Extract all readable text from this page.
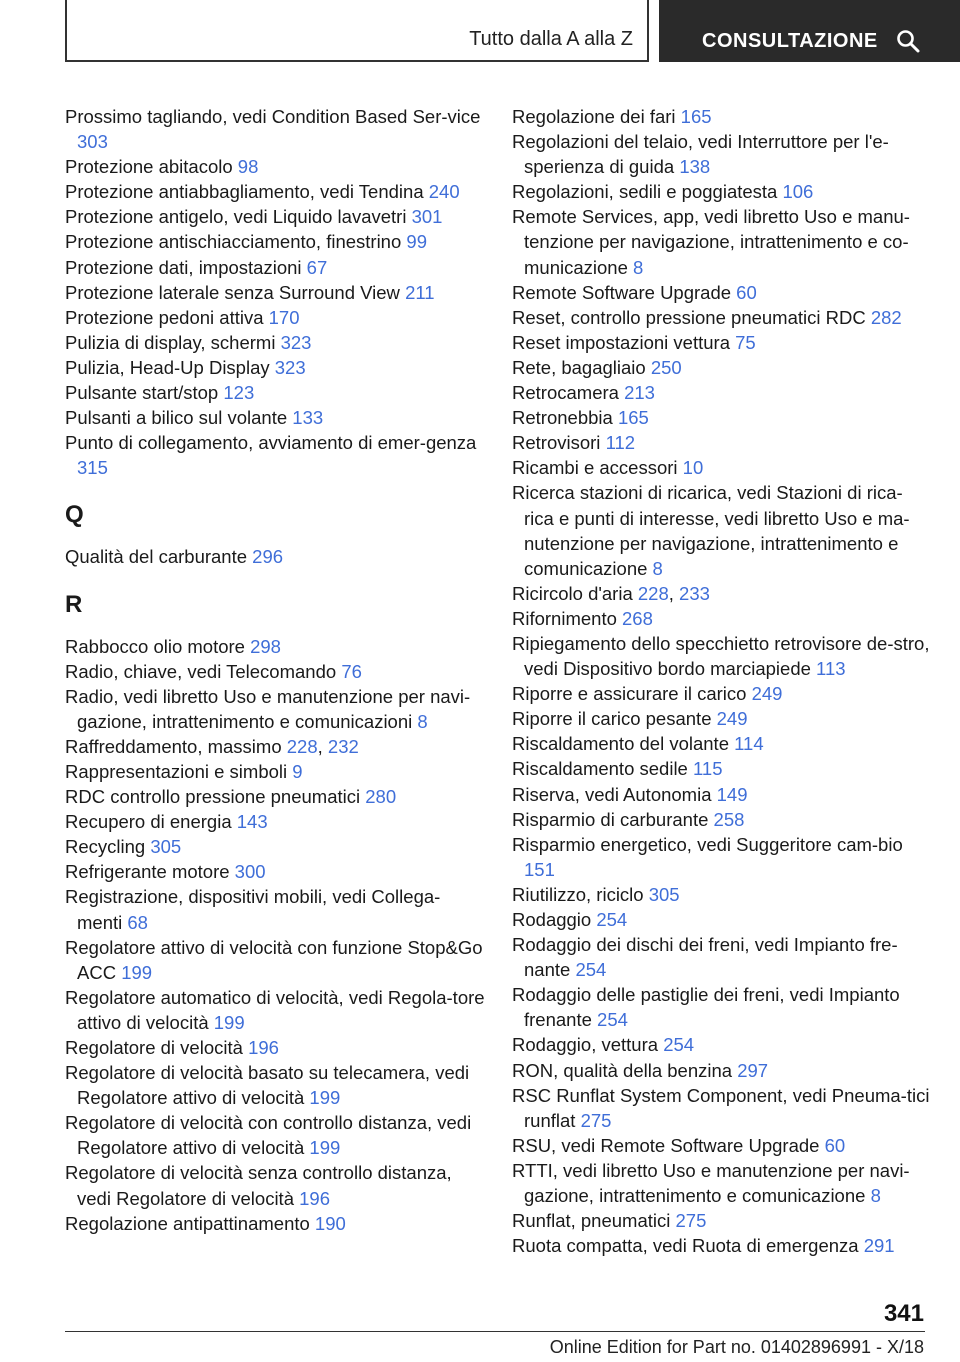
Tutto dalla A alla Z	CONSULTAZIONE

Prossimo tagliando, vedi Condition Based Ser-vice 303

Protezione abitacolo 98

Protezione antiabbagliamento, vedi Tendina 240

Protezione antigelo, vedi Liquido lavavetri 301

Protezione antischiacciamento, finestrino 99

Protezione dati, impostazioni 67

Protezione laterale senza Surround View 211

Protezione pedoni attiva 170

Pulizia di display, schermi 323

Pulizia, Head-Up Display 323

Pulsante start/stop 123

Pulsanti a bilico sul volante 133

Punto di collegamento, avviamento di emer-genza 315

Q

Qualità del carburante 296

R

Rabbocco olio motore 298

Radio, chiave, vedi Telecomando 76

Radio, vedi libretto Uso e manutenzione per navi-gazione, intrattenimento e comunicazioni 8

Raffreddamento, massimo 228, 232

Rappresentazioni e simboli 9

RDC controllo pressione pneumatici 280

Recupero di energia 143

Recycling 305

Refrigerante motore 300

Registrazione, dispositivi mobili, vedi Collega-menti 68

Regolatore attivo di velocità con funzione Stop&Go ACC 199

Regolatore automatico di velocità, vedi Regola-tore attivo di velocità 199

Regolatore di velocità 196

Regolatore di velocità basato su telecamera, vedi Regolatore attivo di velocità 199

Regolatore di velocità con controllo distanza, vedi Regolatore attivo di velocità 199

Regolatore di velocità senza controllo distanza, vedi Regolatore di velocità 196

Regolazione antipattinamento 190

Regolazione dei fari 165

Regolazioni del telaio, vedi Interruttore per l'e-sperienza di guida 138

Regolazioni, sedili e poggiatesta 106

Remote Services, app, vedi libretto Uso e manu-tenzione per navigazione, intrattenimento e co-municazione 8

Remote Software Upgrade 60

Reset, controllo pressione pneumatici RDC 282

Reset impostazioni vettura 75

Rete, bagagliaio 250

Retrocamera 213

Retronebbia 165

Retrovisori 112

Ricambi e accessori 10

Ricerca stazioni di ricarica, vedi Stazioni di rica-rica e punti di interesse, vedi libretto Uso e ma-nutenzione per navigazione, intrattenimento e comunicazione 8

Ricircolo d'aria 228, 233

Rifornimento 268

Ripiegamento dello specchietto retrovisore de-stro, vedi Dispositivo bordo marciapiede 113

Riporre e assicurare il carico 249

Riporre il carico pesante 249

Riscaldamento del volante 114

Riscaldamento sedile 115

Riserva, vedi Autonomia 149

Risparmio di carburante 258

Risparmio energetico, vedi Suggeritore cam-bio 151

Riutilizzo, riciclo 305

Rodaggio 254

Rodaggio dei dischi dei freni, vedi Impianto fre-nante 254

Rodaggio delle pastiglie dei freni, vedi Impianto frenante 254

Rodaggio, vettura 254

RON, qualità della benzina 297

RSC Runflat System Component, vedi Pneuma-tici runflat 275

RSU, vedi Remote Software Upgrade 60

RTTI, vedi libretto Uso e manutenzione per navi-gazione, intrattenimento e comunicazione 8

Runflat, pneumatici 275

Ruota compatta, vedi Ruota di emergenza 291

341
Online Edition for Part no. 01402896991 - X/18
